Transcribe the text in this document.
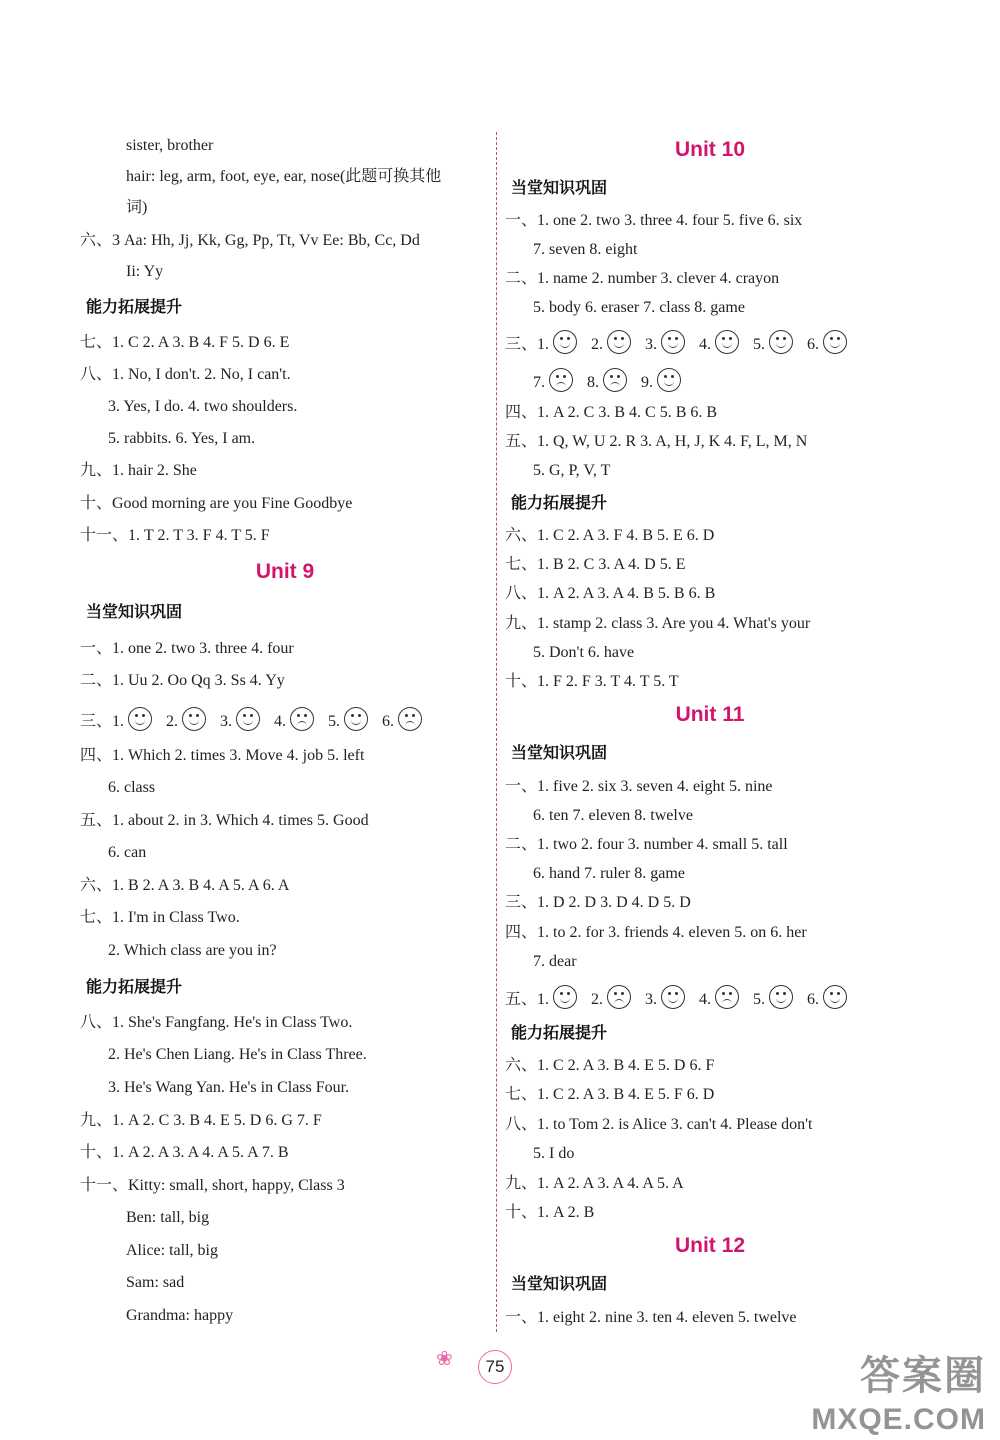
sister, brother
hair: leg, arm, foot, eye, ear, nose(此题可换其他
词)
六、3 Aa: Hh, Jj, Kk, Gg, Pp, Tt, Vv Ee: Bb, Cc, Dd
Ii: Yy
能力拓展提升
七、1. C 2. A 3. B 4. F 5. D 6. E
八、1. No, I don't. 2. No, I can't.
3. Yes, I do. 4. two shoulders.
5. rabbits. 6. Yes, I am.
九、1. hair 2. She
十、Good morning are you Fine Goodbye
十一、1. T 2. T 3. F 4. T 5. F
Unit 9
当堂知识巩固
一、1. one 2. two 3. three 4. four
二、1. Uu 2. Oo Qq 3. Ss 4. Yy
三、1.	2.	3.	4.	5.	6.
四、1. Which 2. times 3. Move 4. job 5. left
6. class
五、1. about 2. in 3. Which 4. times 5. Good
6. can
六、1. B 2. A 3. B 4. A 5. A 6. A
七、1. I'm in Class Two.
2. Which class are you in?
能力拓展提升
八、1. She's Fangfang. He's in Class Two.
2. He's Chen Liang. He's in Class Three.
3. He's Wang Yan. He's in Class Four.
九、1. A 2. C 3. B 4. E 5. D 6. G 7. F
十、1. A 2. A 3. A 4. A 5. A 7. B
十一、Kitty: small, short, happy, Class 3
Ben: tall, big
Alice: tall, big
Sam: sad
Grandma: happy
Unit 10
当堂知识巩固
一、1. one 2. two 3. three 4. four 5. five 6. six
7. seven 8. eight
二、1. name 2. number 3. clever 4. crayon
5. body 6. eraser 7. class 8. game
三、1.	2.	3.	4.	5.	6.
7.	8.	9.
四、1. A 2. C 3. B 4. C 5. B 6. B
五、1. Q, W, U 2. R 3. A, H, J, K 4. F, L, M, N
5. G, P, V, T
能力拓展提升
六、1. C 2. A 3. F 4. B 5. E 6. D
七、1. B 2. C 3. A 4. D 5. E
八、1. A 2. A 3. A 4. B 5. B 6. B
九、1. stamp 2. class 3. Are you 4. What's your
5. Don't 6. have
十、1. F 2. F 3. T 4. T 5. T
Unit 11
当堂知识巩固
一、1. five 2. six 3. seven 4. eight 5. nine
6. ten 7. eleven 8. twelve
二、1. two 2. four 3. number 4. small 5. tall
6. hand 7. ruler 8. game
三、1. D 2. D 3. D 4. D 5. D
四、1. to 2. for 3. friends 4. eleven 5. on 6. her
7. dear
五、1.	2.	3.	4.	5.	6.
能力拓展提升
六、1. C 2. A 3. B 4. E 5. D 6. F
七、1. C 2. A 3. B 4. E 5. F 6. D
八、1. to Tom 2. is Alice 3. can't 4. Please don't
5. I do
九、1. A 2. A 3. A 4. A 5. A
十、1. A 2. B
Unit 12
当堂知识巩固
一、1. eight 2. nine 3. ten 4. eleven 5. twelve
❀	75	答案圈
MXQE.COM
